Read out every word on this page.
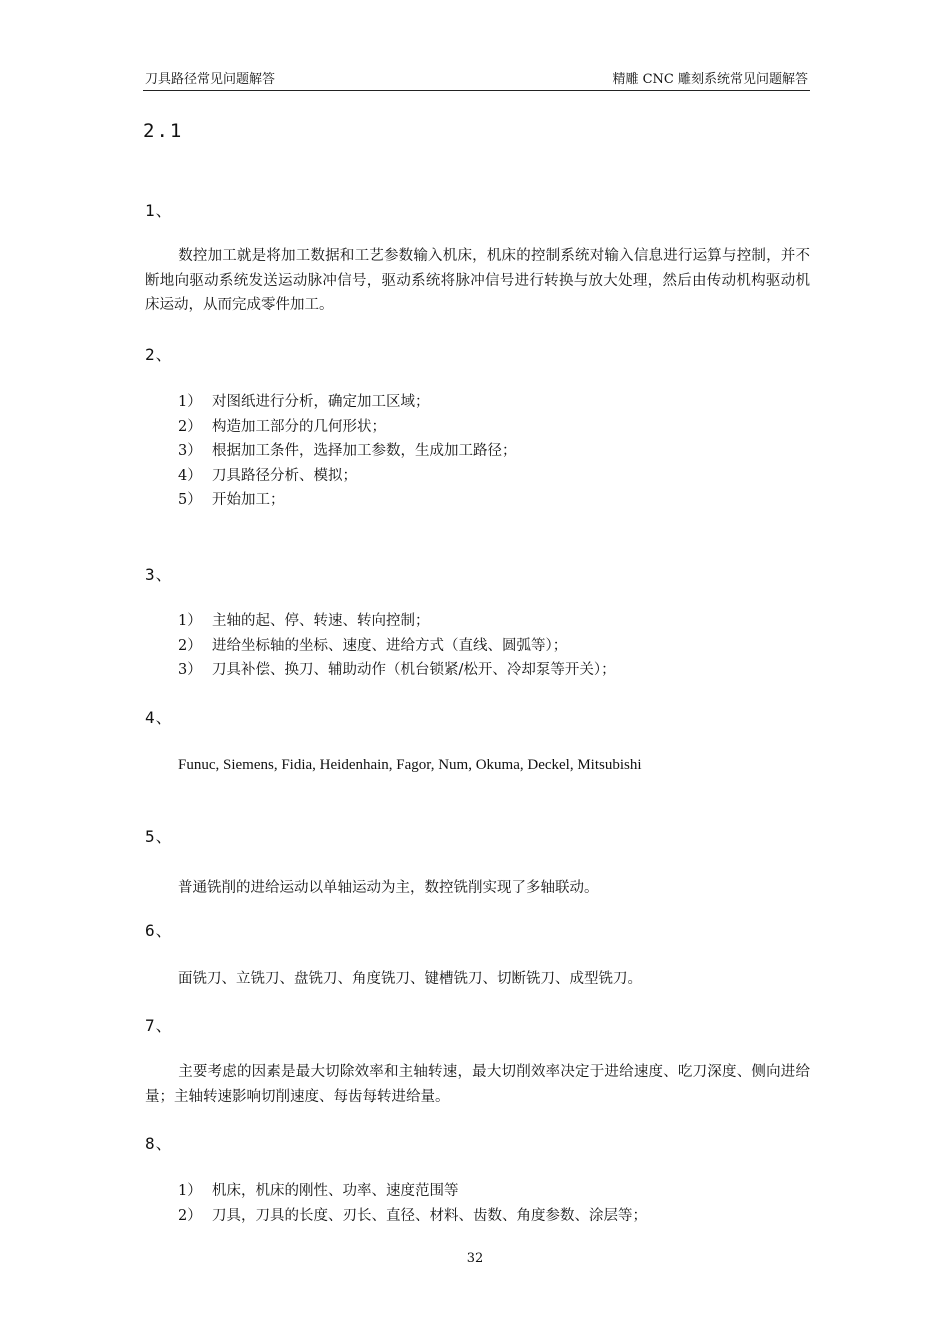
刀具路径常见问题解答	精雕 CNC 雕刻系统常见问题解答
2.1
1、
数控加工就是将加工数据和工艺参数输入机床，机床的控制系统对输入信息进行运算与控制，并不断地向驱动系统发送运动脉冲信号，驱动系统将脉冲信号进行转换与放大处理，然后由传动机构驱动机床运动，从而完成零件加工。
2、
1） 对图纸进行分析，确定加工区域；
2） 构造加工部分的几何形状；
3） 根据加工条件，选择加工参数，生成加工路径；
4） 刀具路径分析、模拟；
5） 开始加工；
3、
1） 主轴的起、停、转速、转向控制；
2） 进给坐标轴的坐标、速度、进给方式（直线、圆弧等）；
3） 刀具补偿、换刀、辅助动作（机台锁紧/松开、冷却泵等开关）；
4、
Funuc, Siemens, Fidia, Heidenhain, Fagor, Num, Okuma, Deckel, Mitsubishi
5、
普通铣削的进给运动以单轴运动为主，数控铣削实现了多轴联动。
6、
面铣刀、立铣刀、盘铣刀、角度铣刀、键槽铣刀、切断铣刀、成型铣刀。
7、
主要考虑的因素是最大切除效率和主轴转速，最大切削效率决定于进给速度、吃刀深度、侧向进给量；主轴转速影响切削速度、每齿每转进给量。
8、
1） 机床，机床的刚性、功率、速度范围等
2） 刀具，刀具的长度、刃长、直径、材料、齿数、角度参数、涂层等；
32
